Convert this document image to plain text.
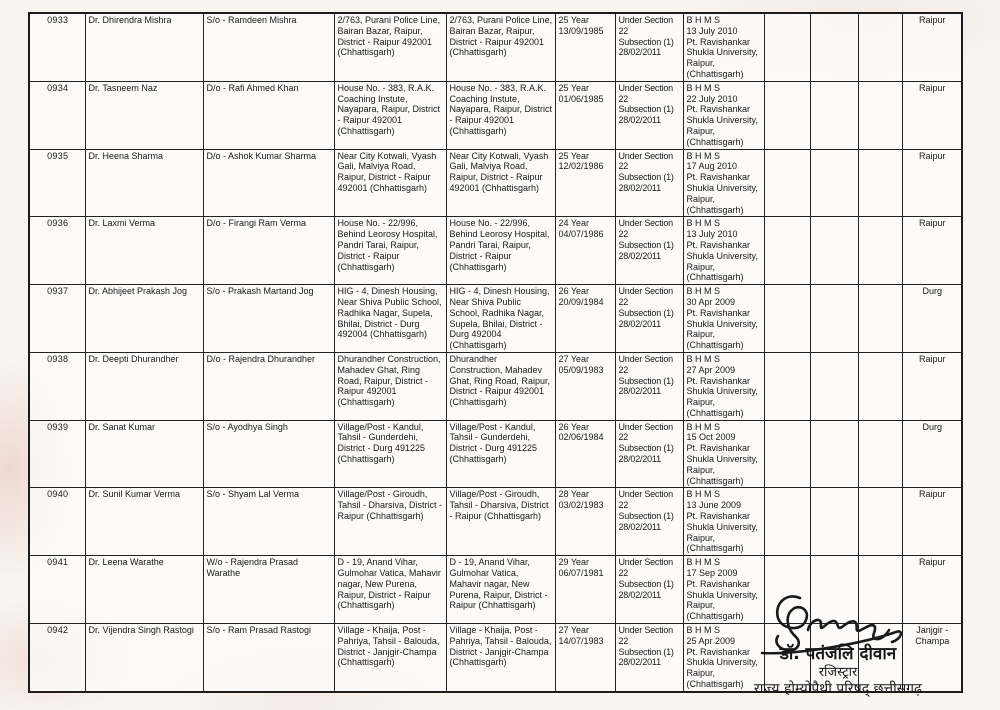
0933	Dr. Dhirendra Mishra	S/o - Ramdeen Mishra	2/763, Purani Police Line, Bairan Bazar, Raipur, District - Raipur 492001 (Chhattisgarh)	2/763, Purani Police Line, Bairan Bazar, Raipur, District - Raipur 492001 (Chhattisgarh)	25 Year
13/09/1985	Under Section 22
Subsection (1)
28/02/2011	B H M S
13 July 2010
Pt. Ravishankar Shukla University, Raipur, (Chhattisgarh)				Raipur
0934	Dr. Tasneem Naz	D/o - Rafi Ahmed Khan	House No. - 383, R.A.K. Coaching Instute, Nayapara, Raipur, District - Raipur 492001 (Chhattisgarh)	House No. - 383, R.A.K. Coaching Instute, Nayapara, Raipur, District - Raipur 492001 (Chhattisgarh)	25 Year
01/06/1985	Under Section 22
Subsection (1)
28/02/2011	B H M S
22 July 2010
Pt. Ravishankar Shukla University, Raipur, (Chhattisgarh)				Raipur
0935	Dr. Heena Sharma	D/o - Ashok Kumar Sharma	Near City Kotwali, Vyash Gali, Malviya Road, Raipur, District - Raipur 492001 (Chhattisgarh)	Near City Kotwali, Vyash Gali, Malviya Road, Raipur, District - Raipur 492001 (Chhattisgarh)	25 Year
12/02/1986	Under Section 22
Subsection (1)
28/02/2011	B H M S
17 Aug 2010
Pt. Ravishankar Shukla University, Raipur, (Chhattisgarh)				Raipur
0936	Dr. Laxmi Verma	D/o - Firangi Ram Verma	House No. - 22/996, Behind Leorosy Hospital, Pandri Tarai, Raipur, District - Raipur (Chhattisgarh)	House No. - 22/996, Behind Leorosy Hospital, Pandri Tarai, Raipur, District - Raipur (Chhattisgarh)	24 Year
04/07/1986	Under Section 22
Subsection (1)
28/02/2011	B H M S
13 July 2010
Pt. Ravishankar Shukla University, Raipur, (Chhattisgarh)				Raipur
0937	Dr. Abhijeet Prakash Jog	S/o - Prakash Martand Jog	HIG - 4, Dinesh Housing, Near Shiva Public School, Radhika Nagar, Supela, Bhilai, District - Durg 492004 (Chhattisgarh)	HIG - 4, Dinesh Housing, Near Shiva Public School, Radhika Nagar, Supela, Bhilai, District - Durg 492004 (Chhattisgarh)	26 Year
20/09/1984	Under Section 22
Subsection (1)
28/02/2011	B H M S
30 Apr 2009
Pt. Ravishankar Shukla University, Raipur, (Chhattisgarh)				Durg
0938	Dr. Deepti Dhurandher	D/o - Rajendra Dhurandher	Dhurandher Construction, Mahadev Ghat, Ring Road, Raipur, District - Raipur 492001 (Chhattisgarh)	Dhurandher Construction, Mahadev Ghat, Ring Road, Raipur, District - Raipur 492001 (Chhattisgarh)	27 Year
05/09/1983	Under Section 22
Subsection (1)
28/02/2011	B H M S
27 Apr 2009
Pt. Ravishankar Shukla University, Raipur, (Chhattisgarh)				Raipur
0939	Dr. Sanat Kumar	S/o - Ayodhya Singh	Village/Post - Kandul, Tahsil - Gunderdehi, District - Durg 491225 (Chhattisgarh)	Village/Post - Kandul, Tahsil - Gunderdehi, District - Durg 491225 (Chhattisgarh)	26 Year
02/06/1984	Under Section 22
Subsection (1)
28/02/2011	B H M S
15 Oct 2009
Pt. Ravishankar Shukla University, Raipur, (Chhattisgarh)				Durg
0940	Dr. Sunil Kumar Verma	S/o - Shyam Lal Verma	Village/Post - Giroudh, Tahsil - Dharsiva, District - Raipur (Chhattisgarh)	Village/Post - Giroudh, Tahsil - Dharsiva, District - Raipur (Chhattisgarh)	28 Year
03/02/1983	Under Section 22
Subsection (1)
28/02/2011	B H M S
13 June 2009
Pt. Ravishankar Shukla University, Raipur, (Chhattisgarh)				Raipur
0941	Dr. Leena Warathe	W/o - Rajendra Prasad Warathe	D - 19, Anand Vihar, Gulmohar Vatica, Mahavir nagar, New Purena, Raipur, District - Raipur (Chhattisgarh)	D - 19, Anand Vihar, Gulmohar Vatica, Mahavir nagar, New Purena, Raipur, District - Raipur (Chhattisgarh)	29 Year
06/07/1981	Under Section 22
Subsection (1)
28/02/2011	B H M S
17 Sep 2009
Pt. Ravishankar Shukla University, Raipur, (Chhattisgarh)				Raipur
0942	Dr. Vijendra Singh Rastogi	S/o - Ram Prasad Rastogi	Village - Khaija, Post - Pahriya, Tahsil - Balouda, District - Janjgir-Champa (Chhattisgarh)	Village - Khaija, Post - Pahriya, Tahsil - Balouda, District - Janjgir-Champa (Chhattisgarh)	27 Year
14/07/1983	Under Section 22
Subsection (1)
28/02/2011	B H M S
25 Apr 2009
Pt. Ravishankar Shukla University, Raipur, (Chhattisgarh)				Janjgir - Champa
डॉ. पतंजलि दीवान
रजिस्ट्रार
राज्य होम्योपैथी परिषद् छत्तीसगढ़
